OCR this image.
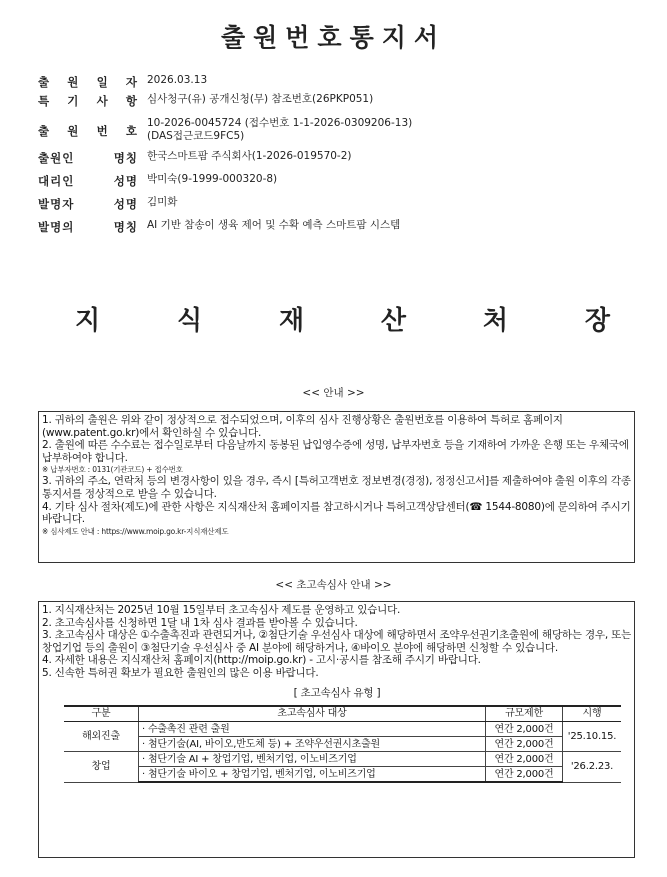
출원번호통지서
출 원 일 자 2026.03.13
특 기 사 항 심사청구(유) 공개신청(무) 참조번호(26PKP051)
출 원 번 호
10-2026-0045724 (접수번호 1-1-2026-0309206-13)
(DAS접근코드9FC5)
출원인 명칭 한국스마트팜 주식회사(1-2026-019570-2)
대리인 성명 박미숙(9-1999-000320-8)
발명자 성명 김미화
발명의 명칭 AI 기반 참송이 생육 제어 및 수확 예측 스마트팜 시스템
지	식	재	산	처	장
<< 안내 >>

1. 귀하의 출원은 위와 같이 정상적으로 접수되었으며, 이후의 심사 진행상황은 출원번호를 이용하여 특허로 홈페이지(www.patent.go.kr)에서 확인하실 수 있습니다.

2. 출원에 따른 수수료는 접수일로부터 다음날까지 동봉된 납입영수증에 성명, 납부자번호 등을 기재하여 가까운 은행 또는 우체국에 납부하여야 합니다.

※ 납부자번호 : 0131(기관코드) + 접수번호

3. 귀하의 주소, 연락처 등의 변경사항이 있을 경우, 즉시 [특허고객번호 정보변경(경정), 정정신고서]를 제출하여야 출원 이후의 각종 통지서를 정상적으로 받을 수 있습니다.

4. 기타 심사 절차(제도)에 관한 사항은 지식재산처 홈페이지를 참고하시거나 특허고객상담센터(☎ 1544-8080)에 문의하여 주시기 바랍니다.

※ 심사제도 안내 : https://www.moip.go.kr-지식재산제도

<< 초고속심사 안내 >>

1. 지식재산처는 2025년 10월 15일부터 초고속심사 제도를 운영하고 있습니다.

2. 초고속심사를 신청하면 1달 내 1차 심사 결과를 받아볼 수 있습니다.

3. 초고속심사 대상은 ①수출촉진과 관련되거나, ②첨단기술 우선심사 대상에 해당하면서 조약우선권기초출원에 해당하는 경우, 또는 창업기업 등의 출원이 ③첨단기술 우선심사 중 AI 분야에 해당하거나, ④바이오 분야에 해당하면 신청할 수 있습니다.

4. 자세한 내용은 지식재산처 홈페이지(http://moip.go.kr) - 고시·공시를 참조해 주시기 바랍니다.

5. 신속한 특허권 확보가 필요한 출원인의 많은 이용 바랍니다.

[ 초고속심사 유형 ]
구분	초고속심사 대상	규모제한	시행
해외진출	· 수출촉진 관련 출원	연간 2,000건	'25.10.15.
	· 첨단기술(AI, 바이오,반도체 등) + 조약우선권시초출원	연간 2,000건	
창업	· 첨단기술 AI + 창업기업, 벤처기업, 이노비즈기업	연간 2,000건	'26.2.23.
	· 첨단기술 바이오 + 창업기업, 벤처기업, 이노비즈기업	연간 2,000건	
